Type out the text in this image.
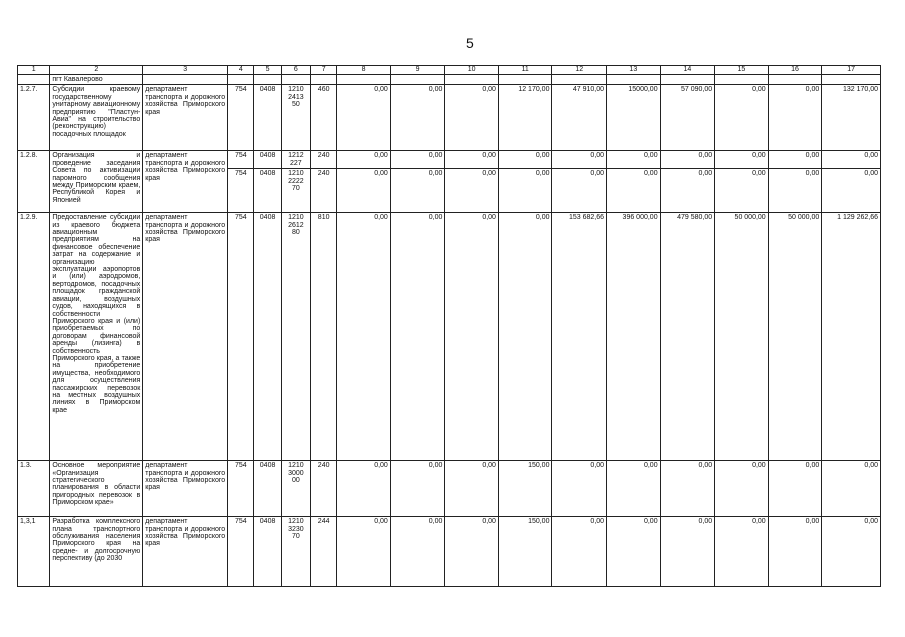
5
1	2	3	4	5	6	7	8	9	10	11	12	13	14	15	16	17
	пгт Кавалерово															
1.2.7.	Субсидии краевому государственному унитарному авиационному предприятию "Пластун-Авиа" на строительство (реконструкцию) посадочных площадок	департамент транспорта и дорожного хозяйства Приморского края	754	0408	1210 2413 50	460	0,00	0,00	0,00	12 170,00	47 910,00	15000,00	57 090,00	0,00	0,00	132 170,00
1.2.8.	Организация и проведение заседания Совета по активизации паромного сообщения между Приморским краем, Республикой Корея и Японией	департамент транспорта и дорожного хозяйства Приморского края	754	0408	1212 227	240	0,00	0,00	0,00	0,00	0,00	0,00	0,00	0,00	0,00	0,00
			754	0408	1210 2222 70	240	0,00	0,00	0,00	0,00	0,00	0,00	0,00	0,00	0,00	0,00
1.2.9.	Предоставление субсидии из краевого бюджета авиационным предприятиям на финансовое обеспечение затрат на содержание и организацию эксплуатации аэропортов и (или) аэродромов, вертодромов, посадочных площадок гражданской авиации, воздушных судов, находящихся в собственности Приморского края и (или) приобретаемых по договорам финансовой аренды (лизинга) в собственность Приморского края, а также на приобретение имущества, необходимого для осуществления пассажирских перевозок на местных воздушных линиях в Приморском крае	департамент транспорта и дорожного хозяйства Приморского края	754	0408	1210 2612 80	810	0,00	0,00	0,00	0,00	153 682,66	396 000,00	479 580,00	50 000,00	50 000,00	1 129 262,66
1.3.	Основное мероприятие «Организация стратегического планирования в области пригородных перевозок в Приморском крае»	департамент транспорта и дорожного хозяйства Приморского края	754	0408	1210 3000 00	240	0,00	0,00	0,00	150,00	0,00	0,00	0,00	0,00	0,00	0,00
1,3,1	Разработка комплексного плана транспортного обслуживания населения Приморского края на средне- и долгосрочную перспективу (до 2030	департамент транспорта и дорожного хозяйства Приморского края	754	0408	1210 3230 70	244	0,00	0,00	0,00	150,00	0,00	0,00	0,00	0,00	0,00	0,00
